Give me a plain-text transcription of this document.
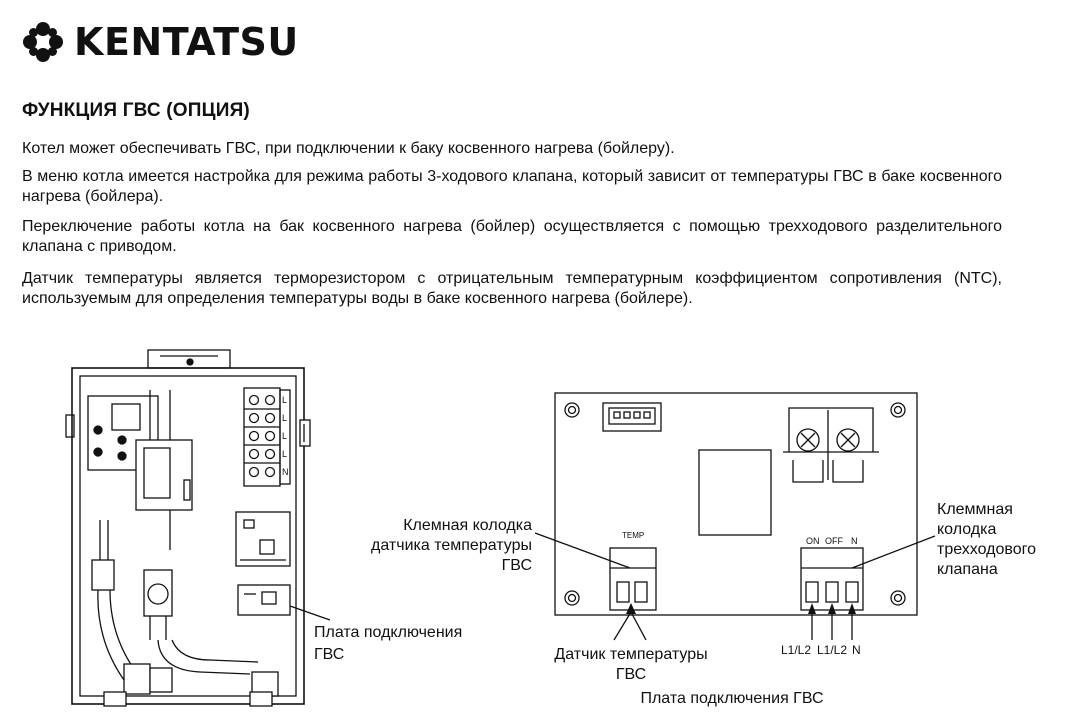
KENTATSU
ФУНКЦИЯ ГВС (ОПЦИЯ)

Котел может обеспечивать ГВС, при подключении к баку косвенного нагрева (бойлеру).

В меню котла имеется настройка для режима работы 3-ходового клапана, который зависит от температуры ГВС в баке косвенного нагрева (бойлера).

Переключение работы котла на бак косвенного нагрева (бойлер) осуществляется с помощью трехходового разделительного клапана с приводом.

Датчик температуры является терморезистором с отрицательным температурным коэффициентом сопротивления (NTC), используемым для определения температуры воды в баке косвенного нагрева (бойлере).

L
L
L
L
N
Плата подключения
ГВС
TEMP
ON OFF N
Клемная колодка
датчика температуры
ГВС
Клеммная
колодка
трехходового
клапана
Датчик температуры
ГВС
L1/L2 L1/L2 N
Плата подключения ГВС
